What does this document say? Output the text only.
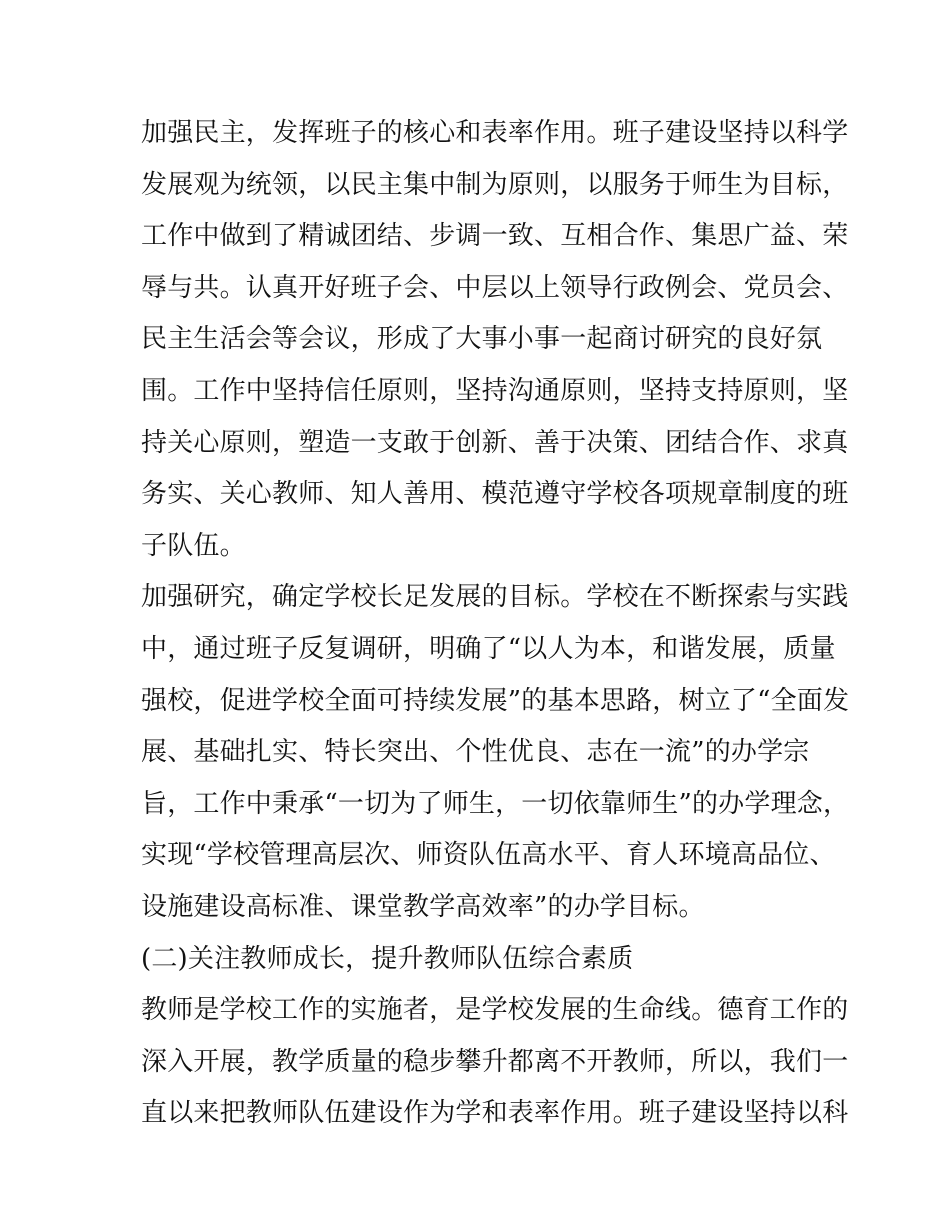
加强民主，发挥班子的核心和表率作用。班子建设坚持以科学
发展观为统领，以民主集中制为原则，以服务于师生为目标，
工作中做到了精诚团结、步调一致、互相合作、集思广益、荣
辱与共。认真开好班子会、中层以上领导行政例会、党员会、
民主生活会等会议，形成了大事小事一起商讨研究的良好氛
围。工作中坚持信任原则，坚持沟通原则，坚持支持原则，坚
持关心原则，塑造一支敢于创新、善于决策、团结合作、求真
务实、关心教师、知人善用、模范遵守学校各项规章制度的班
子队伍。
加强研究，确定学校长足发展的目标。学校在不断探索与实践
中，通过班子反复调研，明确了“以人为本，和谐发展，质量
强校，促进学校全面可持续发展”的基本思路，树立了“全面发
展、基础扎实、特长突出、个性优良、志在一流”的办学宗
旨，工作中秉承“一切为了师生，一切依靠师生”的办学理念，
实现“学校管理高层次、师资队伍高水平、育人环境高品位、
设施建设高标准、课堂教学高效率”的办学目标。
(二)关注教师成长，提升教师队伍综合素质
教师是学校工作的实施者，是学校发展的生命线。德育工作的
深入开展，教学质量的稳步攀升都离不开教师，所以，我们一
直以来把教师队伍建设作为学和表率作用。班子建设坚持以科
